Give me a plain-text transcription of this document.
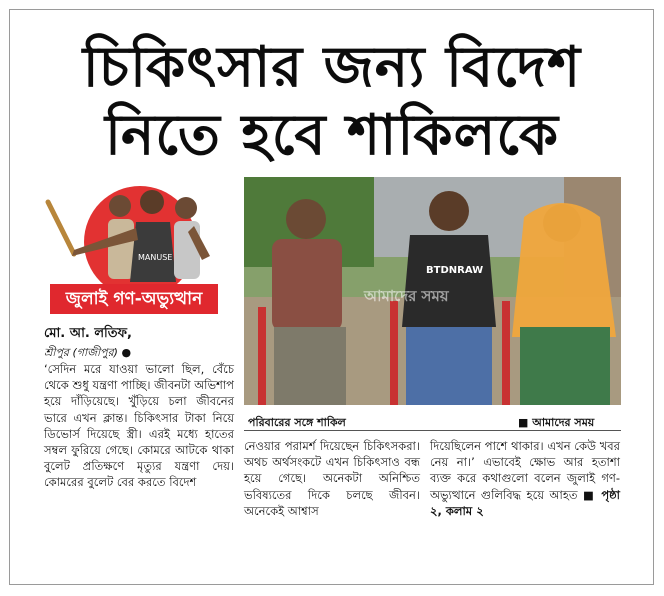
চিকিৎসার জন্য বিদেশ
নিতে হবে শাকিলকে
MANUSE
জুলাই গণ-অভ্যুত্থান
BTDNRAW
আমাদের সময়
পরিবারের সঙ্গে শাকিল	■ আমাদের সময়
মো. আ. লতিফ,
শ্রীপুর (গাজীপুর) ●
‘সেদিন মরে যাওয়া ভালো ছিল, বেঁচে থেকে শুধু যন্ত্রণা পাচ্ছি। জীবনটা অভিশাপ হয়ে দাঁড়িয়েছে। খুঁড়িয়ে চলা জীবনের ভারে এখন ক্লান্ত। চিকিৎসার টাকা নিয়ে ডিভোর্স দিয়েছে স্ত্রী। এরই মধ্যে হাতের সম্বল ফুরিয়ে গেছে। কোমরে আটকে থাকা বুলেট প্রতিক্ষণে মৃত্যুর যন্ত্রণা দেয়। কোমরের বুলেট বের করতে বিদেশ
নেওয়ার পরামর্শ দিয়েছেন চিকিৎসকরা। অথচ অর্থসংকটে এখন চিকিৎসাও বন্ধ হয়ে গেছে। অনেকটা অনিশ্চিত ভবিষ্যতের দিকে চলছে জীবন। অনেকেই আশ্বাস
দিয়েছিলেন পাশে থাকার। এখন কেউ খবর নেয় না।’ এভাবেই ক্ষোভ আর হতাশা ব্যক্ত করে কথাগুলো বলেন জুলাই গণ-অভ্যুত্থানে গুলিবিদ্ধ হয়ে আহত ■ পৃষ্ঠা ২, কলাম ২
